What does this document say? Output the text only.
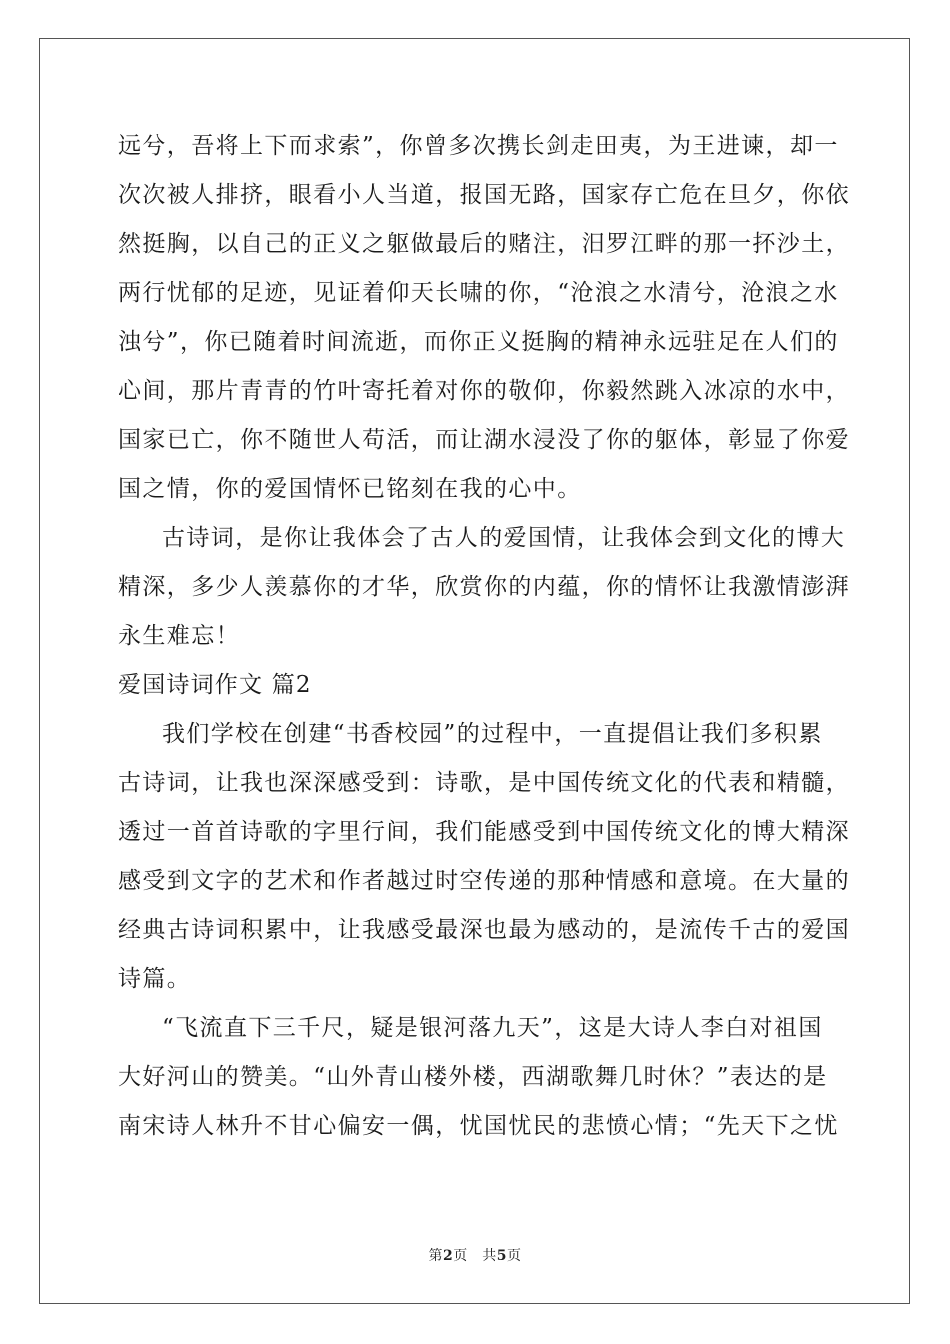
远兮，吾将上下而求索”，你曾多次携长剑走田夷，为王进谏，却一
次次被人排挤，眼看小人当道，报国无路，国家存亡危在旦夕，你依
然挺胸，以自己的正义之躯做最后的赌注，汨罗江畔的那一抔沙土，
两行忧郁的足迹，见证着仰天长啸的你，“沧浪之水清兮，沧浪之水
浊兮”，你已随着时间流逝，而你正义挺胸的精神永远驻足在人们的
心间，那片青青的竹叶寄托着对你的敬仰，你毅然跳入冰凉的水中，
国家已亡，你不随世人苟活，而让湖水浸没了你的躯体，彰显了你爱
国之情，你的爱国情怀已铭刻在我的心中。
古诗词，是你让我体会了古人的爱国情，让我体会到文化的博大
精深，多少人羡慕你的才华，欣赏你的内蕴，你的情怀让我激情澎湃
永生难忘！
爱国诗词作文 篇2
我们学校在创建“书香校园”的过程中，一直提倡让我们多积累
古诗词，让我也深深感受到：诗歌，是中国传统文化的代表和精髓，
透过一首首诗歌的字里行间，我们能感受到中国传统文化的博大精深
感受到文字的艺术和作者越过时空传递的那种情感和意境。在大量的
经典古诗词积累中，让我感受最深也最为感动的，是流传千古的爱国
诗篇。
“飞流直下三千尺，疑是银河落九天”，这是大诗人李白对祖国
大好河山的赞美。“山外青山楼外楼，西湖歌舞几时休？”表达的是
南宋诗人林升不甘心偏安一偶，忧国忧民的悲愤心情；“先天下之忧
第2页　共5页
